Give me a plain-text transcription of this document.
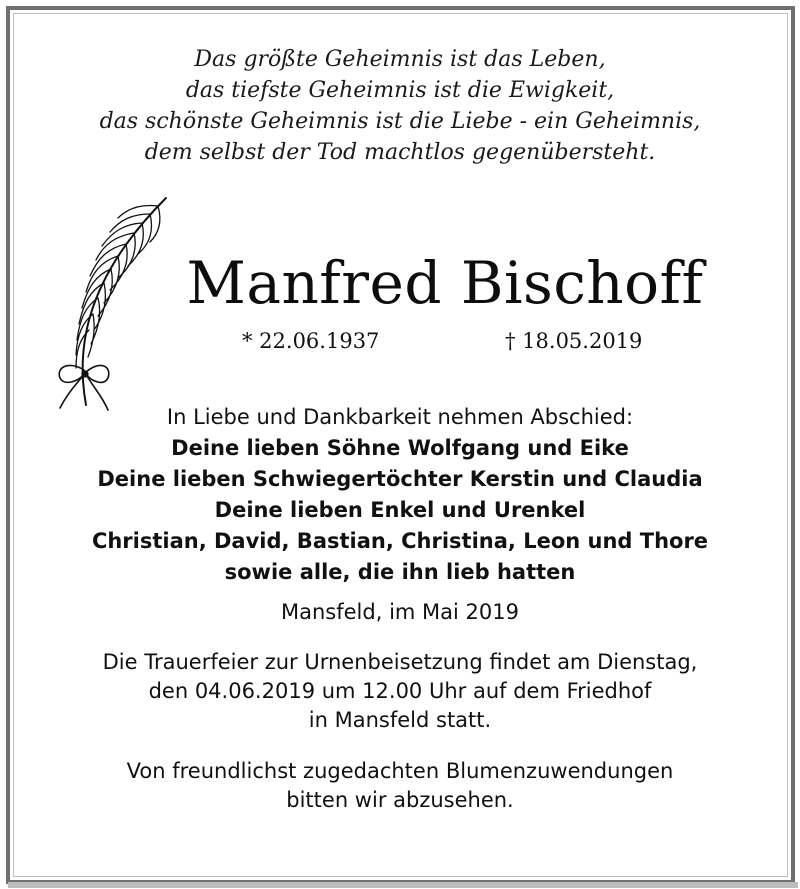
Das größte Geheimnis ist das Leben,
das tiefste Geheimnis ist die Ewigkeit,
das schönste Geheimnis ist die Liebe - ein Geheimnis,
dem selbst der Tod machtlos gegenübersteht.
Manfred Bischoff
* 22.06.1937	† 18.05.2019
In Liebe und Dankbarkeit nehmen Abschied:
Deine lieben Söhne Wolfgang und Eike
Deine lieben Schwiegertöchter Kerstin und Claudia
Deine lieben Enkel und Urenkel
Christian, David, Bastian, Christina, Leon und Thore
sowie alle, die ihn lieb hatten
Mansfeld, im Mai 2019
Die Trauerfeier zur Urnenbeisetzung findet am Dienstag,
den 04.06.2019 um 12.00 Uhr auf dem Friedhof
in Mansfeld statt.
Von freundlichst zugedachten Blumenzuwendungen
bitten wir abzusehen.
